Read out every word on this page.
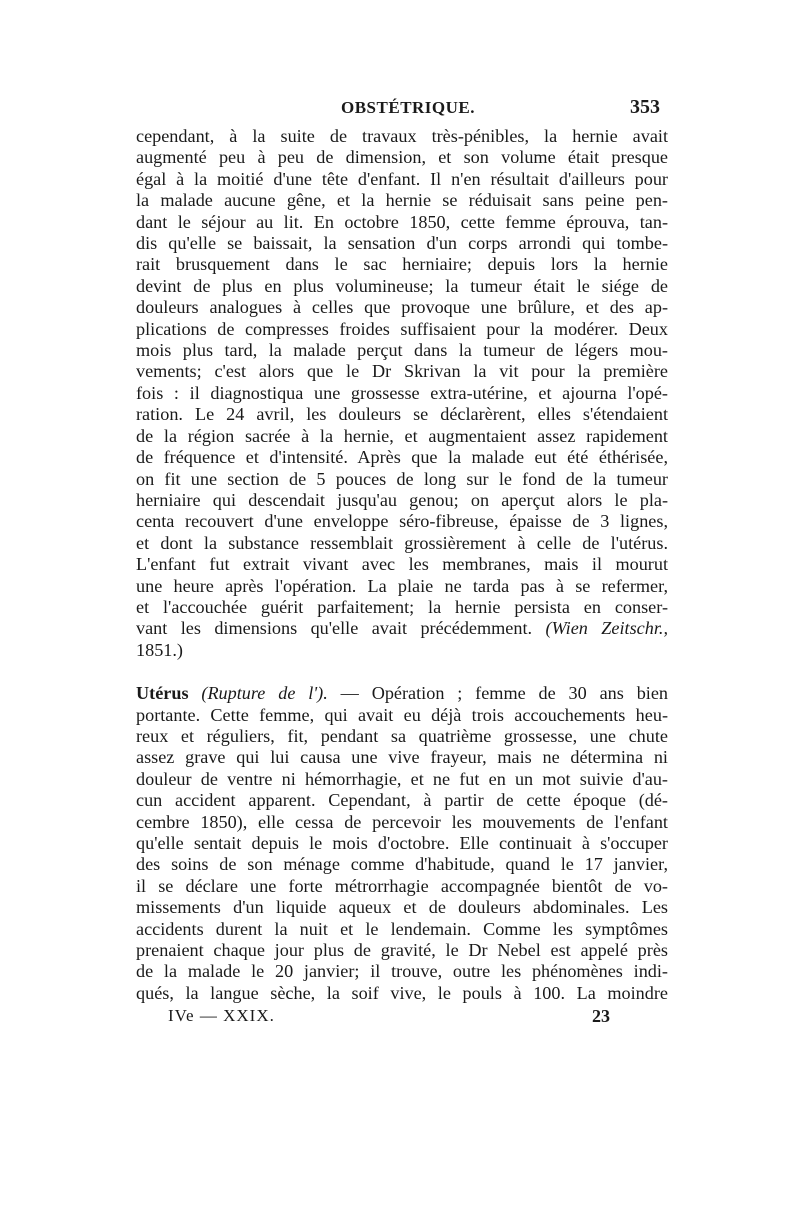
OBSTÉTRIQUE.	353
cependant, à la suite de travaux très-pénibles, la hernie avait
augmenté peu à peu de dimension, et son volume était presque
égal à la moitié d'une tête d'enfant. Il n'en résultait d'ailleurs pour
la malade aucune gêne, et la hernie se réduisait sans peine pen-
dant le séjour au lit. En octobre 1850, cette femme éprouva, tan-
dis qu'elle se baissait, la sensation d'un corps arrondi qui tombe-
rait brusquement dans le sac herniaire; depuis lors la hernie
devint de plus en plus volumineuse; la tumeur était le siége de
douleurs analogues à celles que provoque une brûlure, et des ap-
plications de compresses froides suffisaient pour la modérer. Deux
mois plus tard, la malade perçut dans la tumeur de légers mou-
vements; c'est alors que le Dr Skrivan la vit pour la première
fois : il diagnostiqua une grossesse extra-utérine, et ajourna l'opé-
ration. Le 24 avril, les douleurs se déclarèrent, elles s'étendaient
de la région sacrée à la hernie, et augmentaient assez rapidement
de fréquence et d'intensité. Après que la malade eut été éthérisée,
on fit une section de 5 pouces de long sur le fond de la tumeur
herniaire qui descendait jusqu'au genou; on aperçut alors le pla-
centa recouvert d'une enveloppe séro-fibreuse, épaisse de 3 lignes,
et dont la substance ressemblait grossièrement à celle de l'utérus.
L'enfant fut extrait vivant avec les membranes, mais il mourut
une heure après l'opération. La plaie ne tarda pas à se refermer,
et l'accouchée guérit parfaitement; la hernie persista en conser-
vant les dimensions qu'elle avait précédemment. (Wien Zeitschr.,
1851.)
Utérus (Rupture de l'). — Opération ; femme de 30 ans bien
portante. Cette femme, qui avait eu déjà trois accouchements heu-
reux et réguliers, fit, pendant sa quatrième grossesse, une chute
assez grave qui lui causa une vive frayeur, mais ne détermina ni
douleur de ventre ni hémorrhagie, et ne fut en un mot suivie d'au-
cun accident apparent. Cependant, à partir de cette époque (dé-
cembre 1850), elle cessa de percevoir les mouvements de l'enfant
qu'elle sentait depuis le mois d'octobre. Elle continuait à s'occuper
des soins de son ménage comme d'habitude, quand le 17 janvier,
il se déclare une forte métrorrhagie accompagnée bientôt de vo-
missements d'un liquide aqueux et de douleurs abdominales. Les
accidents durent la nuit et le lendemain. Comme les symptômes
prenaient chaque jour plus de gravité, le Dr Nebel est appelé près
de la malade le 20 janvier; il trouve, outre les phénomènes indi-
qués, la langue sèche, la soif vive, le pouls à 100. La moindre
IVe — XXIX.	23
